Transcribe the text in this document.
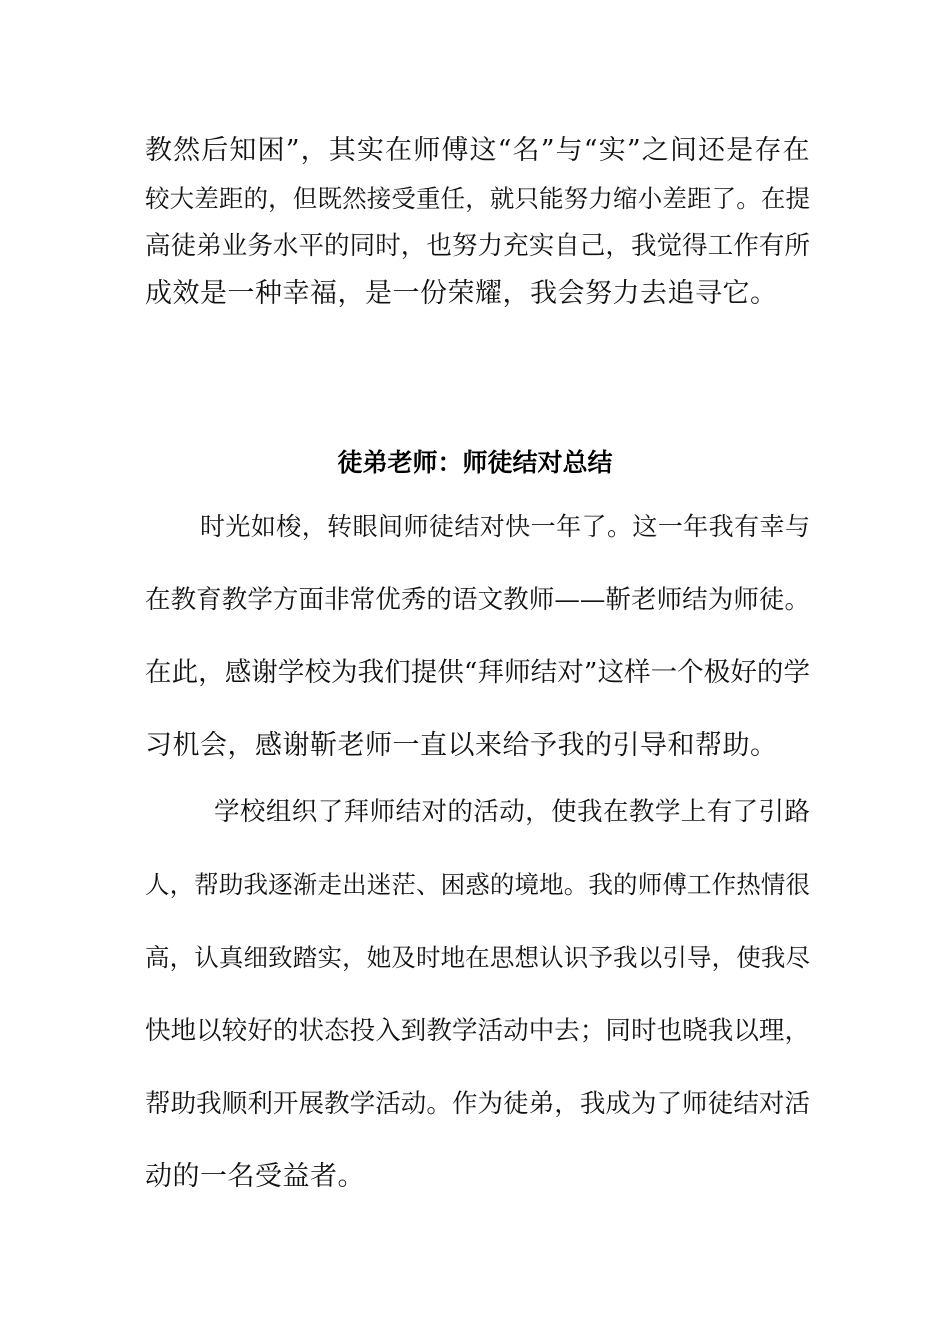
教然后知困”，其实在师傅这“名”与“实”之间还是存在
较大差距的，但既然接受重任，就只能努力缩小差距了。在提
高徒弟业务水平的同时，也努力充实自己，我觉得工作有所
成效是一种幸福，是一份荣耀，我会努力去追寻它。
徒弟老师：师徒结对总结
时光如梭，转眼间师徒结对快一年了。这一年我有幸与
在教育教学方面非常优秀的语文教师——靳老师结为师徒。
在此，感谢学校为我们提供“拜师结对”这样一个极好的学
习机会，感谢靳老师一直以来给予我的引导和帮助。
学校组织了拜师结对的活动，使我在教学上有了引路
人，帮助我逐渐走出迷茫、困惑的境地。我的师傅工作热情很
高，认真细致踏实，她及时地在思想认识予我以引导，使我尽
快地以较好的状态投入到教学活动中去；同时也晓我以理，
帮助我顺利开展教学活动。作为徒弟，我成为了师徒结对活
动的一名受益者。
